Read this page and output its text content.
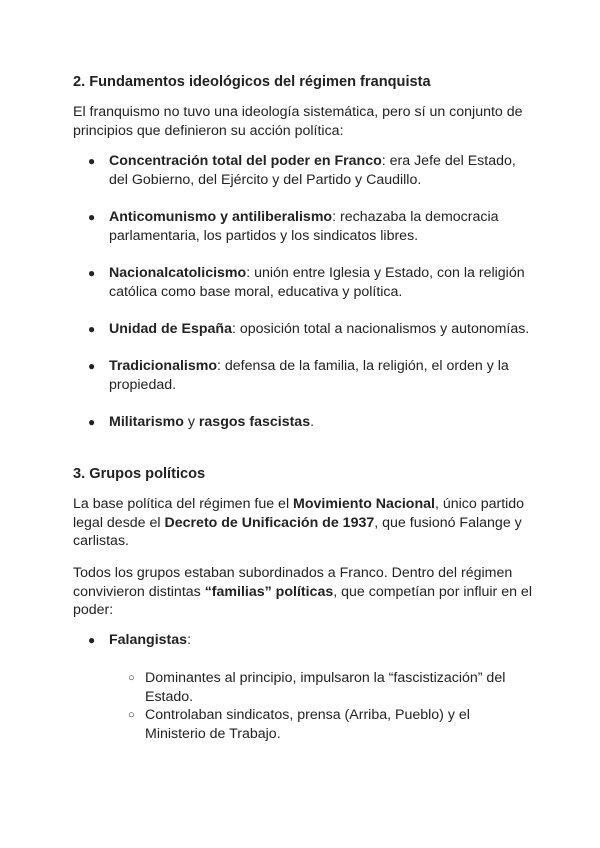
2. Fundamentos ideológicos del régimen franquista

El franquismo no tuvo una ideología sistemática, pero sí un conjunto de principios que definieron su acción política:

● Concentración total del poder en Franco: era Jefe del Estado, del Gobierno, del Ejército y del Partido y Caudillo.
● Anticomunismo y antiliberalismo: rechazaba la democracia parlamentaria, los partidos y los sindicatos libres.
● Nacionalcatolicismo: unión entre Iglesia y Estado, con la religión católica como base moral, educativa y política.
● Unidad de España: oposición total a nacionalismos y autonomías.
● Tradicionalismo: defensa de la familia, la religión, el orden y la propiedad.
● Militarismo y rasgos fascistas.
3. Grupos políticos

La base política del régimen fue el Movimiento Nacional, único partido legal desde el Decreto de Unificación de 1937, que fusionó Falange y carlistas.

Todos los grupos estaban subordinados a Franco. Dentro del régimen convivieron distintas “familias” políticas, que competían por influir en el poder:

● Falangistas:
○ Dominantes al principio, impulsaron la “fascistización” del Estado.
○ Controlaban sindicatos, prensa (Arriba, Pueblo) y el Ministerio de Trabajo.
